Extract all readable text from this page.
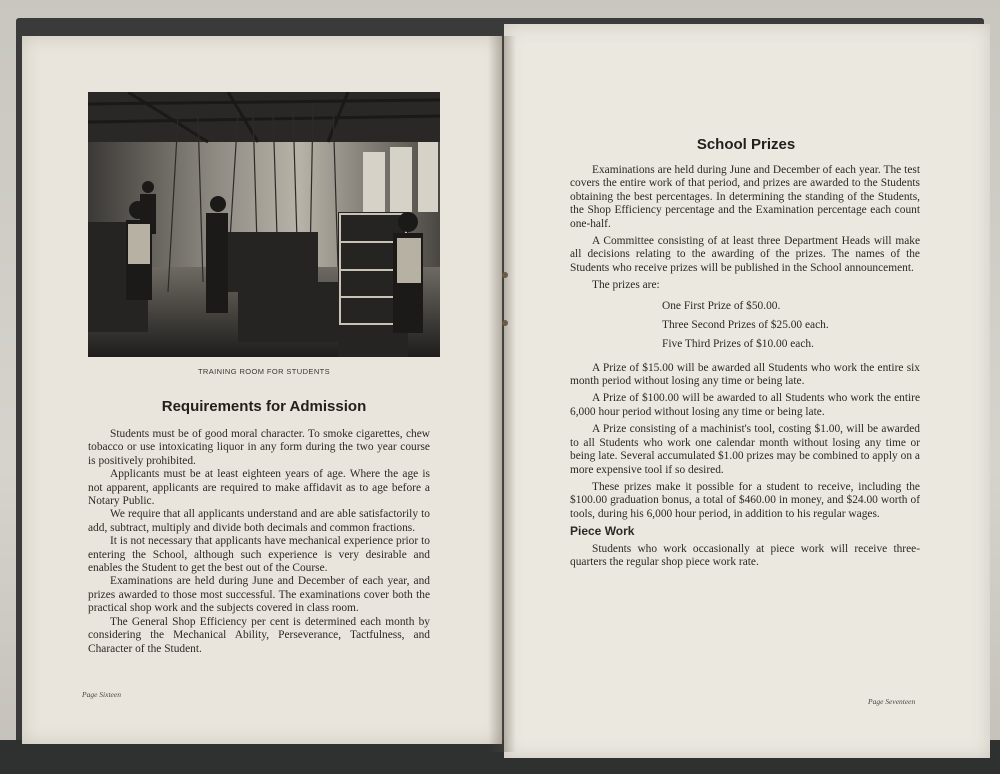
TRAINING ROOM FOR STUDENTS
Requirements for Admission

Students must be of good moral character. To smoke cigarettes, chew tobacco or use intoxicating liquor in any form during the two year course is positively prohibited.

Applicants must be at least eighteen years of age. Where the age is not apparent, applicants are required to make affidavit as to age before a Notary Public.

We require that all applicants understand and are able satisfactorily to add, subtract, multiply and divide both decimals and common fractions.

It is not necessary that applicants have mechanical experience prior to entering the School, although such experience is very desirable and enables the Student to get the best out of the Course.

Examinations are held during June and December of each year, and prizes awarded to those most successful. The examinations cover both the practical shop work and the subjects covered in class room.

The General Shop Efficiency per cent is determined each month by considering the Mechanical Ability, Perseverance, Tactfulness, and Character of the Student.

Page Sixteen
School Prizes

Examinations are held during June and December of each year. The test covers the entire work of that period, and prizes are awarded to the Students obtaining the best percentages. In determining the standing of the Students, the Shop Efficiency percentage and the Examination percentage each count one-half.

A Committee consisting of at least three Department Heads will make all decisions relating to the awarding of the prizes. The names of the Students who receive prizes will be published in the School announcement.

The prizes are:

One First Prize of $50.00.
Three Second Prizes of $25.00 each.
Five Third Prizes of $10.00 each.

A Prize of $15.00 will be awarded all Students who work the entire six month period without losing any time or being late.

A Prize of $100.00 will be awarded to all Students who work the entire 6,000 hour period without losing any time or being late.

A Prize consisting of a machinist's tool, costing $1.00, will be awarded to all Students who work one calendar month without losing any time or being late. Several accumulated $1.00 prizes may be combined to apply on a more expensive tool if so desired.

These prizes make it possible for a student to receive, including the $100.00 graduation bonus, a total of $460.00 in money, and $24.00 worth of tools, during his 6,000 hour period, in addition to his regular wages.

Piece Work

Students who work occasionally at piece work will receive three-quarters the regular shop piece work rate.

Page Seventeen
